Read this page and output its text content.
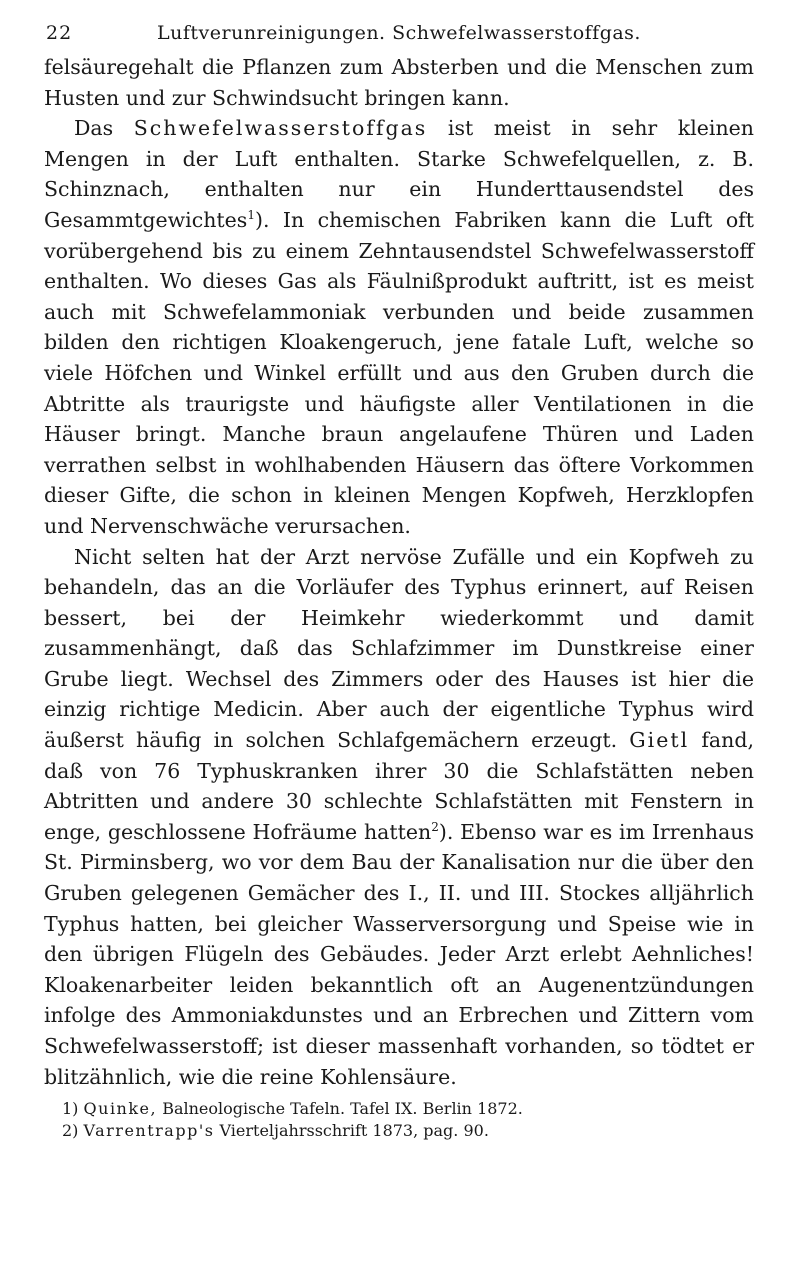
22	Luftverunreinigungen. Schwefelwasserstoffgas.

felsäuregehalt die Pflanzen zum Absterben und die Menschen zum Husten und zur Schwindsucht bringen kann.

Das Schwefelwasserstoffgas ist meist in sehr kleinen Mengen in der Luft enthalten. Starke Schwefelquellen, z. B. Schinznach, enthalten nur ein Hunderttausendstel des Gesammtgewichtes$^1$). In chemischen Fabriken kann die Luft oft vorübergehend bis zu einem Zehntausendstel Schwefelwasserstoff enthalten. Wo dieses Gas als Fäulnißprodukt auftritt, ist es meist auch mit Schwefelammoniak verbunden und beide zusammen bilden den richtigen Kloakengeruch, jene fatale Luft, welche so viele Höfchen und Winkel erfüllt und aus den Gruben durch die Abtritte als traurigste und häufigste aller Ventilationen in die Häuser bringt. Manche braun angelaufene Thüren und Laden verrathen selbst in wohlhabenden Häusern das öftere Vorkommen dieser Gifte, die schon in kleinen Mengen Kopfweh, Herzklopfen und Nervenschwäche verursachen.

Nicht selten hat der Arzt nervöse Zufälle und ein Kopfweh zu behandeln, das an die Vorläufer des Typhus erinnert, auf Reisen bessert, bei der Heimkehr wiederkommt und damit zusammenhängt, daß das Schlafzimmer im Dunstkreise einer Grube liegt. Wechsel des Zimmers oder des Hauses ist hier die einzig richtige Medicin. Aber auch der eigentliche Typhus wird äußerst häufig in solchen Schlafgemächern erzeugt. Gietl fand, daß von 76 Typhuskranken ihrer 30 die Schlafstätten neben Abtritten und andere 30 schlechte Schlafstätten mit Fenstern in enge, geschlossene Hofräume hatten$^2$). Ebenso war es im Irrenhaus St. Pirminsberg, wo vor dem Bau der Kanalisation nur die über den Gruben gelegenen Gemächer des I., II. und III. Stockes alljährlich Typhus hatten, bei gleicher Wasserversorgung und Speise wie in den übrigen Flügeln des Gebäudes. Jeder Arzt erlebt Aehnliches! Kloakenarbeiter leiden bekanntlich oft an Augenentzündungen infolge des Ammoniakdunstes und an Erbrechen und Zittern vom Schwefelwasserstoff; ist dieser massenhaft vorhanden, so tödtet er blitzähnlich, wie die reine Kohlensäure.

1) Quinke, Balneologische Tafeln. Tafel IX. Berlin 1872.

2) Varrentrapp's Vierteljahrsschrift 1873, pag. 90.
